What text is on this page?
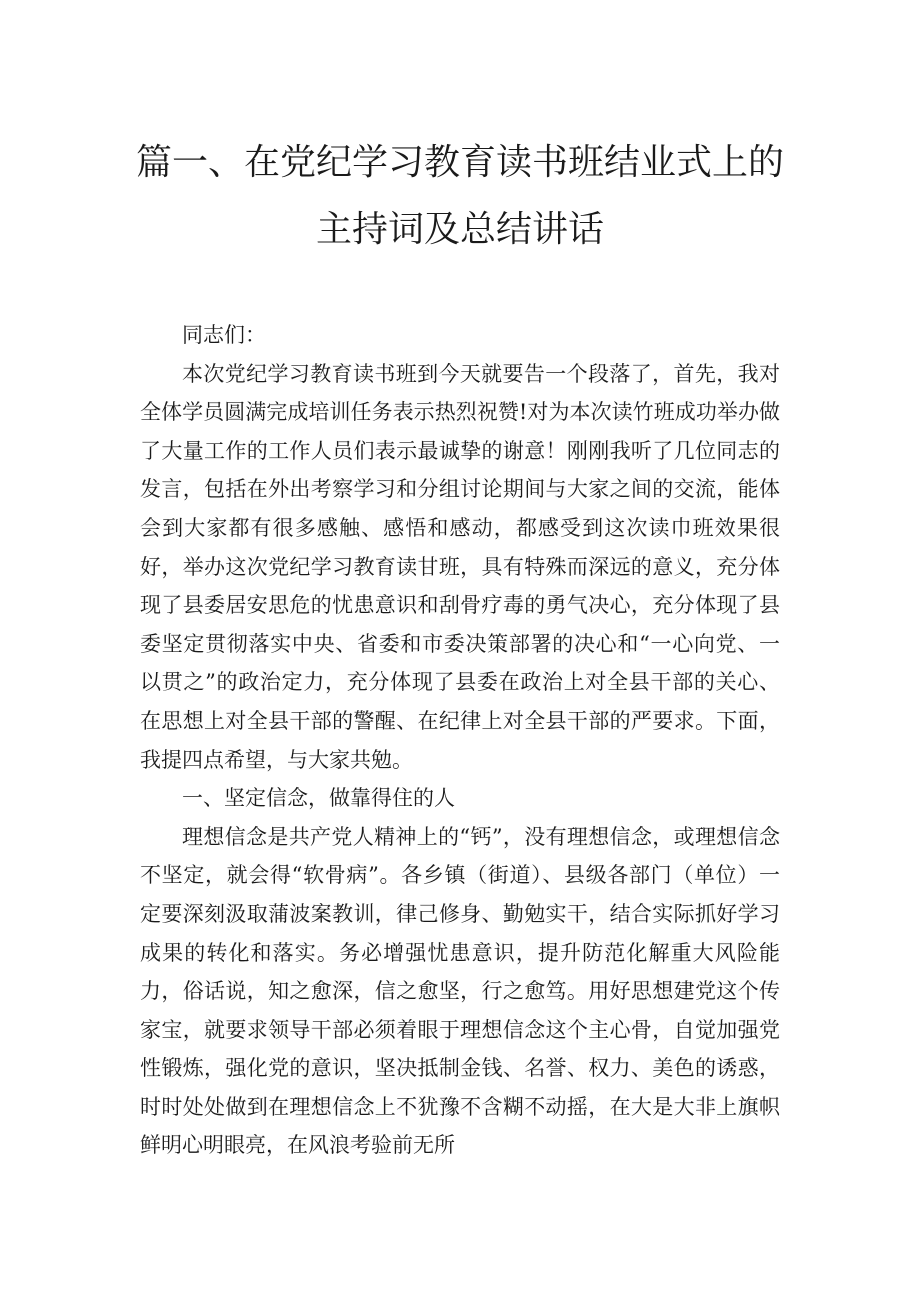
篇一、在党纪学习教育读书班结业式上的
主持词及总结讲话

同志们：

本次党纪学习教育读书班到今天就要告一个段落了，首先，我对全体学员圆满完成培训任务表示热烈祝赞!对为本次读竹班成功举办做了大量工作的工作人员们表示最诚挚的谢意！刚刚我听了几位同志的发言，包括在外出考察学习和分组讨论期间与大家之间的交流，能体会到大家都有很多感触、感悟和感动，都感受到这次读巾班效果很好，举办这次党纪学习教育读甘班，具有特殊而深远的意义，充分体现了县委居安思危的忧患意识和刮骨疗毒的勇气决心，充分体现了县委坚定贯彻落实中央、省委和市委决策部署的决心和“一心向党、一以贯之”的政治定力，充分体现了县委在政治上对全县干部的关心、在思想上对全县干部的警醒、在纪律上对全县干部的严要求。下面，我提四点希望，与大家共勉。

一、坚定信念，做靠得住的人

理想信念是共产党人精神上的“钙”，没有理想信念，或理想信念不坚定，就会得“软骨病”。各乡镇（街道）、县级各部门（单位）一定要深刻汲取蒲波案教训，律己修身、勤勉实干，结合实际抓好学习成果的转化和落实。务必增强忧患意识，提升防范化解重大风险能力，俗话说，知之愈深，信之愈坚，行之愈笃。用好思想建党这个传家宝，就要求领导干部必须着眼于理想信念这个主心骨，自觉加强党性锻炼，强化党的意识，坚决抵制金钱、名誉、权力、美色的诱惑，时时处处做到在理想信念上不犹豫不含糊不动摇，在大是大非上旗帜鲜明心明眼亮，在风浪考验前无所
